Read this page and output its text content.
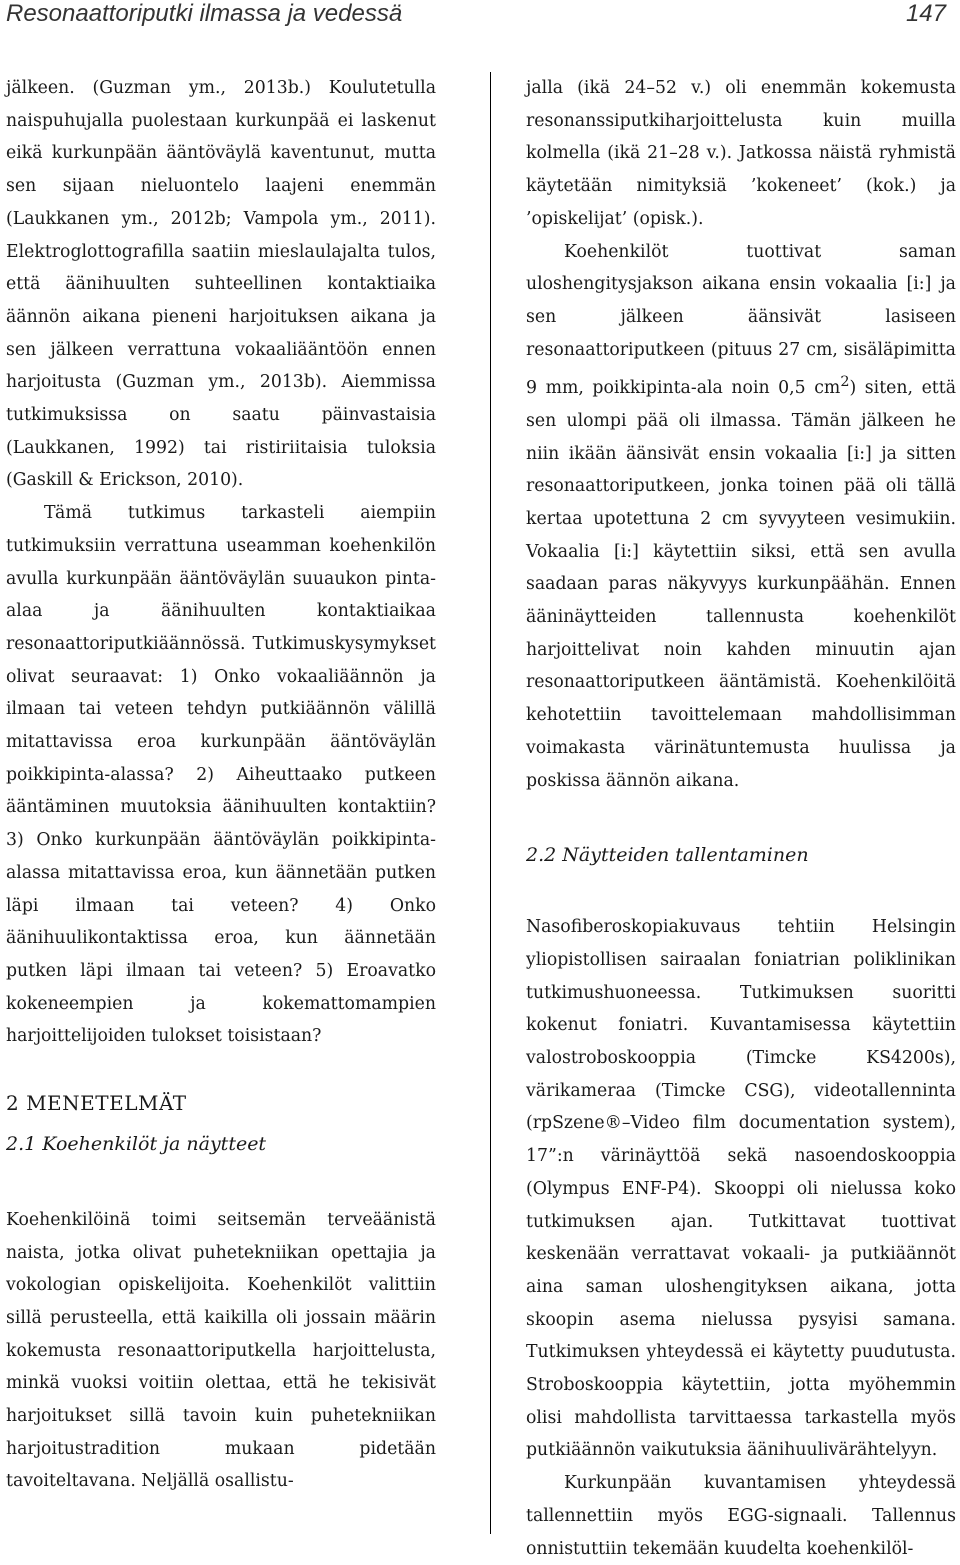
Resonaattoriputki ilmassa ja vedessä	147

jälkeen. (Guzman ym., 2013b.) Koulutetulla naispuhujalla puolestaan kurkunpää ei laskenut eikä kurkunpään ääntöväylä kaventunut, mutta sen sijaan nieluontelo laajeni enemmän (Laukkanen ym., 2012b; Vampola ym., 2011). Elektroglottografilla saatiin mieslaulajalta tulos, että äänihuulten suhteellinen kontaktiaika äännön aikana pieneni harjoituksen aikana ja sen jälkeen verrattuna vokaaliääntöön ennen harjoitusta (Guzman ym., 2013b). Aiemmissa tutkimuksissa on saatu päinvastaisia (Laukkanen, 1992) tai ristiriitaisia tuloksia (Gaskill & Erickson, 2010).

Tämä tutkimus tarkasteli aiempiin tutkimuksiin verrattuna useamman koehenkilön avulla kurkunpään ääntöväylän suuaukon pinta-alaa ja äänihuulten kontaktiaikaa resonaattoriputkiäännössä. Tutkimuskysymykset olivat seuraavat: 1) Onko vokaaliäännön ja ilmaan tai veteen tehdyn putkiäännön välillä mitattavissa eroa kurkunpään ääntöväylän poikkipinta-alassa? 2) Aiheuttaako putkeen ääntäminen muutoksia äänihuulten kontaktiin? 3) Onko kurkunpään ääntöväylän poikkipinta-alassa mitattavissa eroa, kun äännetään putken läpi ilmaan tai veteen? 4) Onko äänihuulikontaktissa eroa, kun äännetään putken läpi ilmaan tai veteen? 5) Eroavatko kokeneempien ja kokemattomampien harjoittelijoiden tulokset toisistaan?

2 MENETELMÄT
2.1 Koehenkilöt ja näytteet

Koehenkilöinä toimi seitsemän terveäänistä naista, jotka olivat puhetekniikan opettajia ja vokologian opiskelijoita. Koehenkilöt valittiin sillä perusteella, että kaikilla oli jossain määrin kokemusta resonaattoriputkella harjoittelusta, minkä vuoksi voitiin olettaa, että he tekisivät harjoitukset sillä tavoin kuin puhetekniikan harjoitustradition mukaan pidetään tavoiteltavana. Neljällä osallistu-

jalla (ikä 24–52 v.) oli enemmän kokemusta resonanssiputkiharjoittelusta kuin muilla kolmella (ikä 21–28 v.). Jatkossa näistä ryhmistä käytetään nimityksiä ’kokeneet’ (kok.) ja ’opiskelijat’ (opisk.).

Koehenkilöt tuottivat saman uloshengitysjakson aikana ensin vokaalia [i:] ja sen jälkeen äänsivät lasiseen resonaattoriputkeen (pituus 27 cm, sisäläpimitta 9 mm, poikkipinta-ala noin 0,5 $cm^2$) siten, että sen ulompi pää oli ilmassa. Tämän jälkeen he niin ikään äänsivät ensin vokaalia [i:] ja sitten resonaattoriputkeen, jonka toinen pää oli tällä kertaa upotettuna 2 cm syvyyteen vesimukiin. Vokaalia [i:] käytettiin siksi, että sen avulla saadaan paras näkyvyys kurkunpäähän. Ennen ääninäytteiden tallennusta koehenkilöt harjoittelivat noin kahden minuutin ajan resonaattoriputkeen ääntämistä. Koehenkilöitä kehotettiin tavoittelemaan mahdollisimman voimakasta värinätuntemusta huulissa ja poskissa äännön aikana.

2.2 Näytteiden tallentaminen

Nasofiberoskopiakuvaus tehtiin Helsingin yliopistollisen sairaalan foniatrian poliklinikan tutkimushuoneessa. Tutkimuksen suoritti kokenut foniatri. Kuvantamisessa käytettiin valostroboskooppia (Timcke KS4200s), värikameraa (Timcke CSG), videotallenninta (rpSzene®–Video film documentation system), 17”:n värinäyttöä sekä nasoendoskooppia (Olympus ENF-P4). Skooppi oli nielussa koko tutkimuksen ajan. Tutkittavat tuottivat keskenään verrattavat vokaali- ja putkiäännöt aina saman uloshengityksen aikana, jotta skoopin asema nielussa pysyisi samana. Tutkimuksen yhteydessä ei käytetty puudutusta. Stroboskooppia käytettiin, jotta myöhemmin olisi mahdollista tarvittaessa tarkastella myös putkiäännön vaikutuksia äänihuulivärähtelyyn.

Kurkunpään kuvantamisen yhteydessä tallennettiin myös EGG-signaali. Tallennus onnistuttiin tekemään kuudelta koehenkilöl-
